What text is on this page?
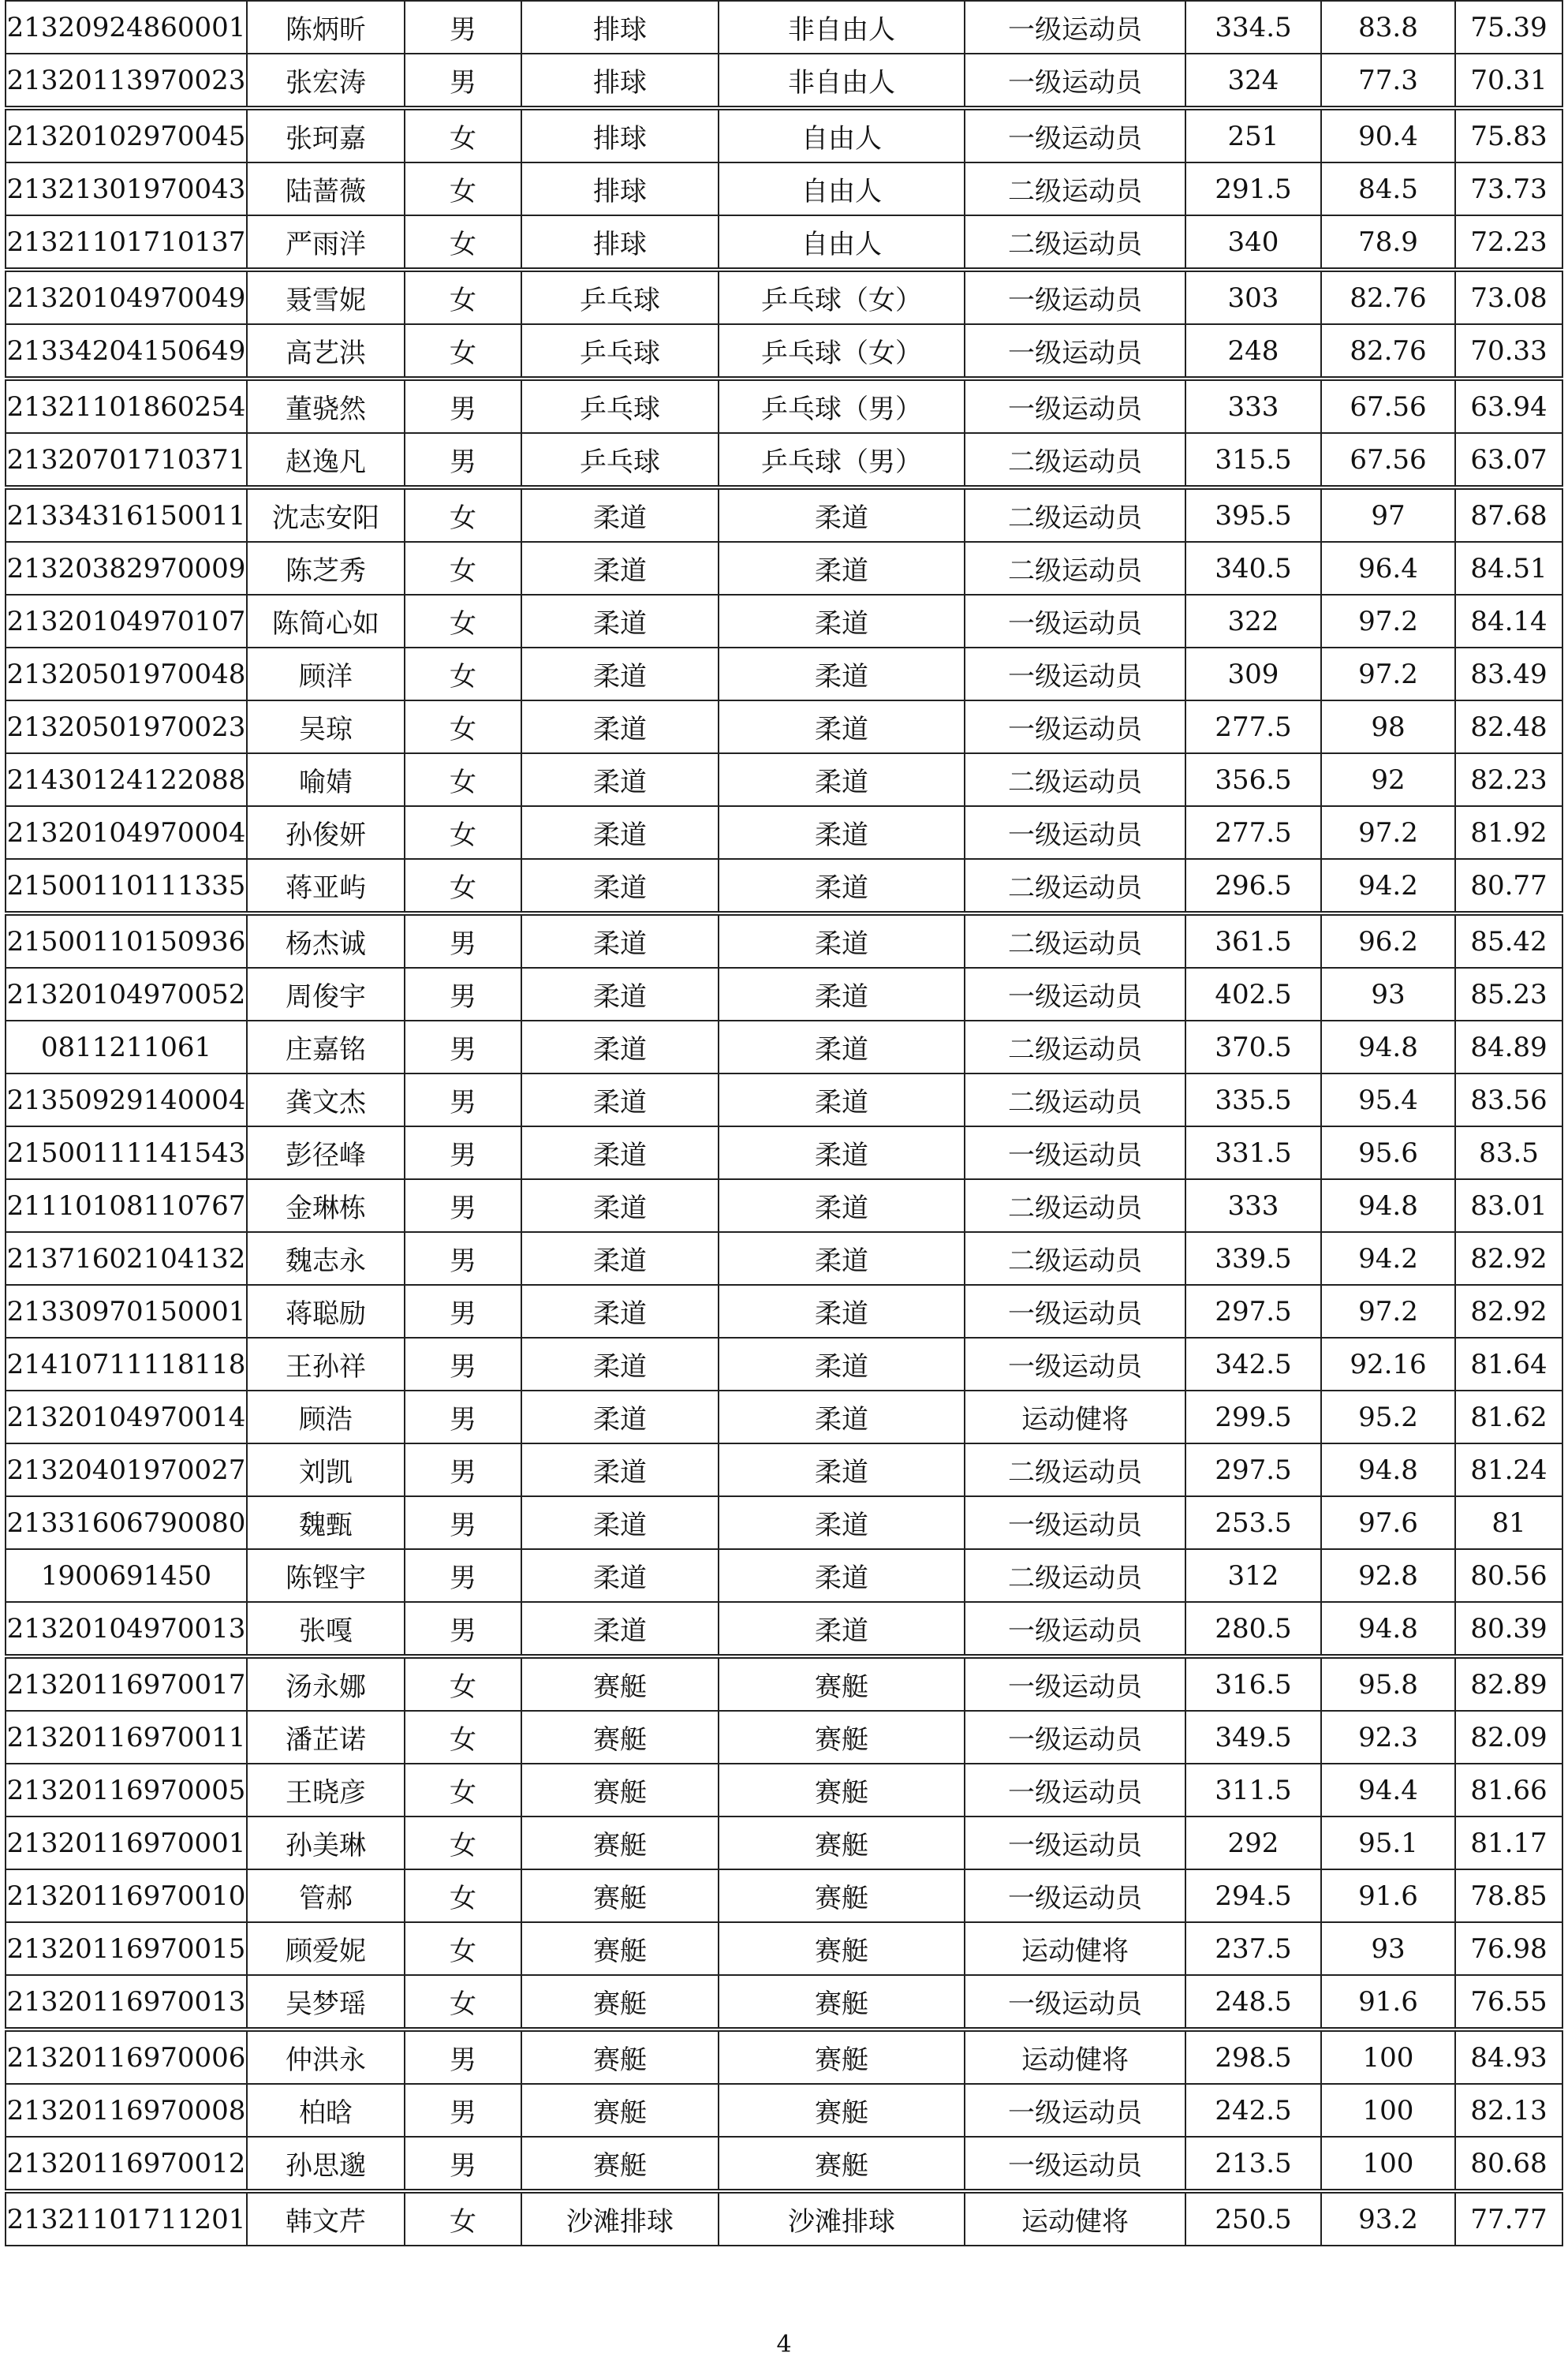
21320924860001	陈炳昕	男	排球	非自由人	一级运动员	334.5	83.8	75.39
21320113970023	张宏涛	男	排球	非自由人	一级运动员	324	77.3	70.31
21320102970045	张珂嘉	女	排球	自由人	一级运动员	251	90.4	75.83
21321301970043	陆蔷薇	女	排球	自由人	二级运动员	291.5	84.5	73.73
21321101710137	严雨洋	女	排球	自由人	二级运动员	340	78.9	72.23
21320104970049	聂雪妮	女	乒乓球	乒乓球（女）	一级运动员	303	82.76	73.08
21334204150649	高艺洪	女	乒乓球	乒乓球（女）	一级运动员	248	82.76	70.33
21321101860254	董骁然	男	乒乓球	乒乓球（男）	一级运动员	333	67.56	63.94
21320701710371	赵逸凡	男	乒乓球	乒乓球（男）	二级运动员	315.5	67.56	63.07
21334316150011	沈志安阳	女	柔道	柔道	二级运动员	395.5	97	87.68
21320382970009	陈芝秀	女	柔道	柔道	二级运动员	340.5	96.4	84.51
21320104970107	陈简心如	女	柔道	柔道	一级运动员	322	97.2	84.14
21320501970048	顾洋	女	柔道	柔道	一级运动员	309	97.2	83.49
21320501970023	吴琼	女	柔道	柔道	一级运动员	277.5	98	82.48
21430124122088	喻婧	女	柔道	柔道	二级运动员	356.5	92	82.23
21320104970004	孙俊妍	女	柔道	柔道	一级运动员	277.5	97.2	81.92
21500110111335	蒋亚屿	女	柔道	柔道	二级运动员	296.5	94.2	80.77
21500110150936	杨杰诚	男	柔道	柔道	二级运动员	361.5	96.2	85.42
21320104970052	周俊宇	男	柔道	柔道	一级运动员	402.5	93	85.23
0811211061	庄嘉铭	男	柔道	柔道	二级运动员	370.5	94.8	84.89
21350929140004	龚文杰	男	柔道	柔道	二级运动员	335.5	95.4	83.56
21500111141543	彭径峰	男	柔道	柔道	一级运动员	331.5	95.6	83.5
21110108110767	金琳栋	男	柔道	柔道	二级运动员	333	94.8	83.01
21371602104132	魏志永	男	柔道	柔道	二级运动员	339.5	94.2	82.92
21330970150001	蒋聪励	男	柔道	柔道	一级运动员	297.5	97.2	82.92
21410711118118	王孙祥	男	柔道	柔道	一级运动员	342.5	92.16	81.64
21320104970014	顾浩	男	柔道	柔道	运动健将	299.5	95.2	81.62
21320401970027	刘凯	男	柔道	柔道	二级运动员	297.5	94.8	81.24
21331606790080	魏甄	男	柔道	柔道	一级运动员	253.5	97.6	81
1900691450	陈铿宇	男	柔道	柔道	二级运动员	312	92.8	80.56
21320104970013	张嘎	男	柔道	柔道	一级运动员	280.5	94.8	80.39
21320116970017	汤永娜	女	赛艇	赛艇	一级运动员	316.5	95.8	82.89
21320116970011	潘芷诺	女	赛艇	赛艇	一级运动员	349.5	92.3	82.09
21320116970005	王晓彦	女	赛艇	赛艇	一级运动员	311.5	94.4	81.66
21320116970001	孙美琳	女	赛艇	赛艇	一级运动员	292	95.1	81.17
21320116970010	管郝	女	赛艇	赛艇	一级运动员	294.5	91.6	78.85
21320116970015	顾爱妮	女	赛艇	赛艇	运动健将	237.5	93	76.98
21320116970013	吴梦瑶	女	赛艇	赛艇	一级运动员	248.5	91.6	76.55
21320116970006	仲洪永	男	赛艇	赛艇	运动健将	298.5	100	84.93
21320116970008	柏晗	男	赛艇	赛艇	一级运动员	242.5	100	82.13
21320116970012	孙思邈	男	赛艇	赛艇	一级运动员	213.5	100	80.68
21321101711201	韩文芹	女	沙滩排球	沙滩排球	运动健将	250.5	93.2	77.77
4
